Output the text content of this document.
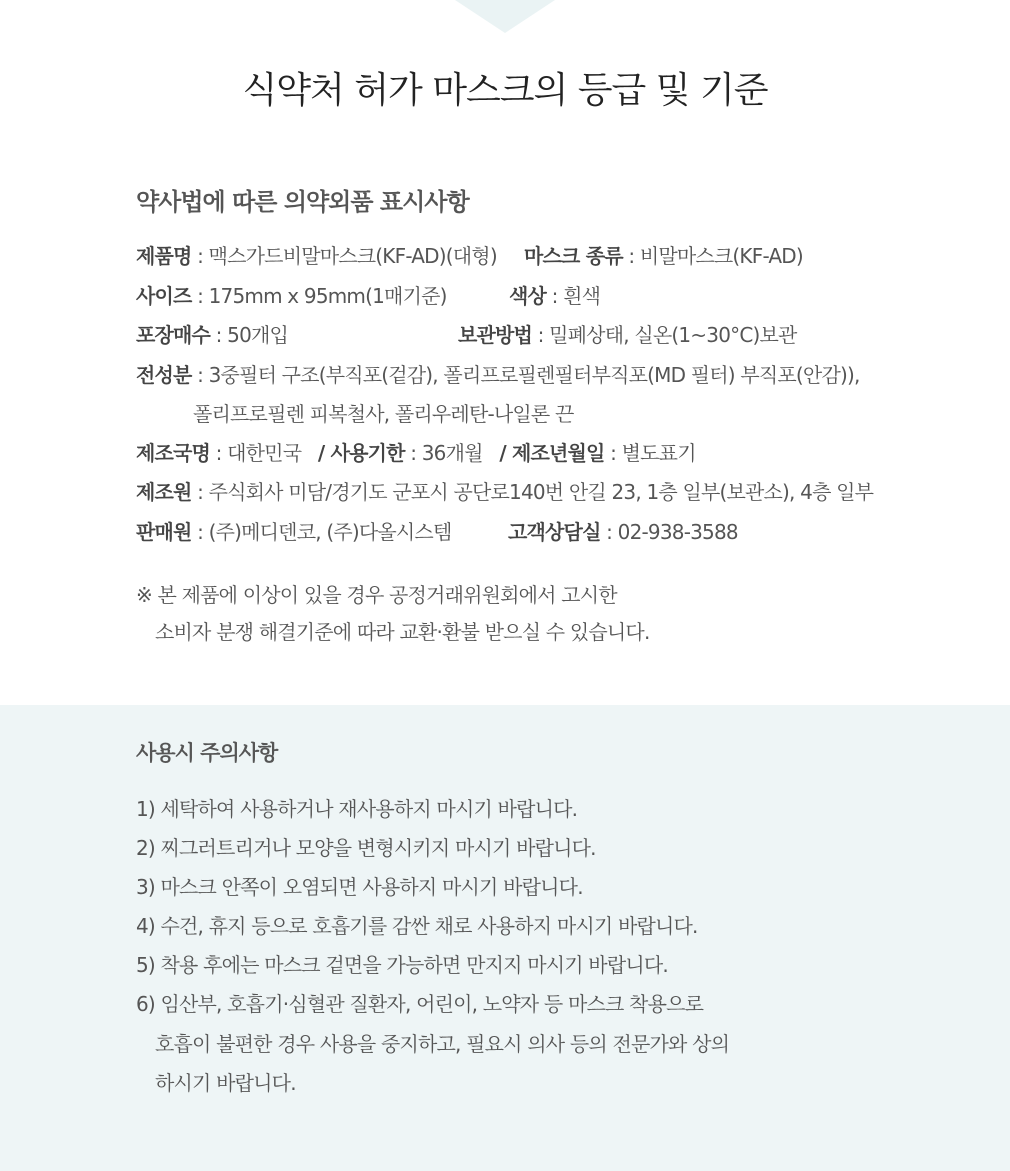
식약처 허가 마스크의 등급 및 기준
약사법에 따른 의약외품 표시사항
제품명 : 맥스가드비말마스크(KF-AD)(대형) 마스크 종류 : 비말마스크(KF-AD)
사이즈 : 175mm x 95mm(1매기준)	색상 : 흰색
포장매수 : 50개입	보관방법 : 밀폐상태, 실온(1~30°C)보관
전성분 : 3중필터 구조(부직포(겉감), 폴리프로필렌필터부직포(MD 필터) 부직포(안감)),
폴리프로필렌 피복철사, 폴리우레탄-나일론 끈
제조국명 : 대한민국 / 사용기한 : 36개월 / 제조년월일 : 별도표기
제조원 : 주식회사 미담/경기도 군포시 공단로140번 안길 23, 1층 일부(보관소), 4층 일부
판매원 : (주)메디덴코, (주)다올시스템	고객상담실 : 02-938-3588
※ 본 제품에 이상이 있을 경우 공정거래위원회에서 고시한
소비자 분쟁 해결기준에 따라 교환·환불 받으실 수 있습니다.
사용시 주의사항
1) 세탁하여 사용하거나 재사용하지 마시기 바랍니다.
2) 찌그러트리거나 모양을 변형시키지 마시기 바랍니다.
3) 마스크 안쪽이 오염되면 사용하지 마시기 바랍니다.
4) 수건, 휴지 등으로 호흡기를 감싼 채로 사용하지 마시기 바랍니다.
5) 착용 후에는 마스크 겉면을 가능하면 만지지 마시기 바랍니다.
6) 임산부, 호흡기·심혈관 질환자, 어린이, 노약자 등 마스크 착용으로
호흡이 불편한 경우 사용을 중지하고, 필요시 의사 등의 전문가와 상의
하시기 바랍니다.
